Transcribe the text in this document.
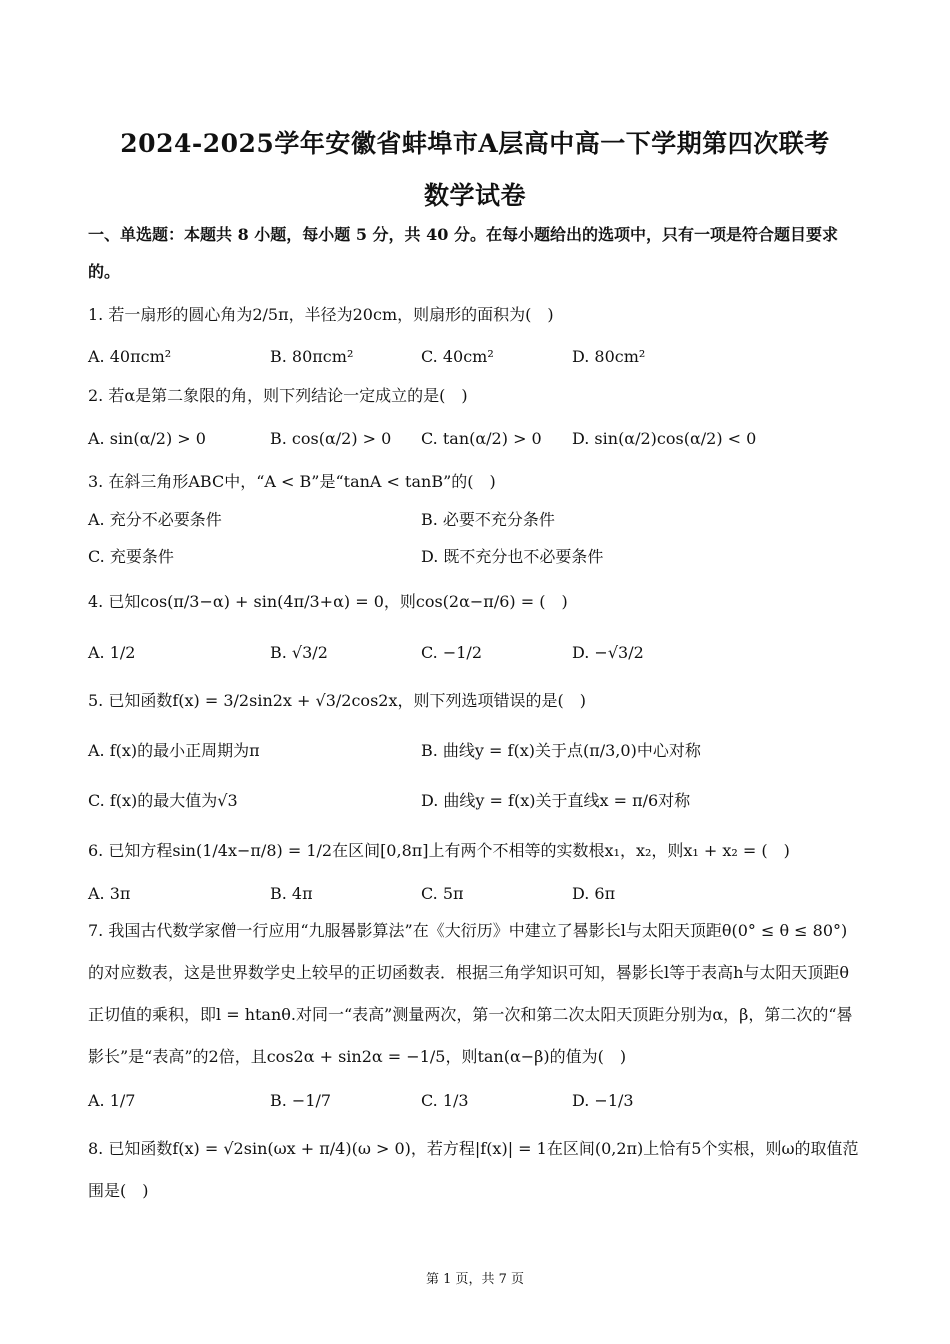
2024-2025学年安徽省蚌埠市A层高中高一下学期第四次联考
数学试卷
一、单选题：本题共 8 小题，每小题 5 分，共 40 分。在每小题给出的选项中，只有一项是符合题目要求的。
1. 若一扇形的圆心角为2/5π，半径为20cm，则扇形的面积为(　)
A. 40πcm²	B. 80πcm²	C. 40cm²	D. 80cm²
2. 若α是第二象限的角，则下列结论一定成立的是(　)
A. sin(α/2) > 0	B. cos(α/2) > 0 C. tan(α/2) > 0 D. sin(α/2)cos(α/2) < 0
3. 在斜三角形ABC中，“A < B”是“tanA < tanB”的(　)
A. 充分不必要条件	B. 必要不充分条件
C. 充要条件	D. 既不充分也不必要条件
4. 已知cos(π/3−α) + sin(4π/3+α) = 0，则cos(2α−π/6) = (　)
A. 1/2	B. √3/2	C. −1/2	D. −√3/2
5. 已知函数f(x) = 3/2sin2x + √3/2cos2x，则下列选项错误的是(　)
A. f(x)的最小正周期为π	B. 曲线y = f(x)关于点(π/3,0)中心对称
C. f(x)的最大值为√3	D. 曲线y = f(x)关于直线x = π/6对称
6. 已知方程sin(1/4x−π/8) = 1/2在区间[0,8π]上有两个不相等的实数根x₁，x₂，则x₁ + x₂ = (　)
A. 3π	B. 4π	C. 5π	D. 6π
7. 我国古代数学家僧一行应用“九服晷影算法”在《大衍历》中建立了晷影长l与太阳天顶距θ(0° ≤ θ ≤ 80°)的对应数表，这是世界数学史上较早的正切函数表．根据三角学知识可知，晷影长l等于表高h与太阳天顶距θ正切值的乘积，即l = htanθ.对同一“表高”测量两次，第一次和第二次太阳天顶距分别为α，β，第二次的“晷影长”是“表高”的2倍，且cos2α + sin2α = −1/5，则tan(α−β)的值为(　)
A. 1/7	B. −1/7	C. 1/3	D. −1/3
8. 已知函数f(x) = √2sin(ωx + π/4)(ω > 0)，若方程|f(x)| = 1在区间(0,2π)上恰有5个实根，则ω的取值范围是(　)
第 1 页，共 7 页
